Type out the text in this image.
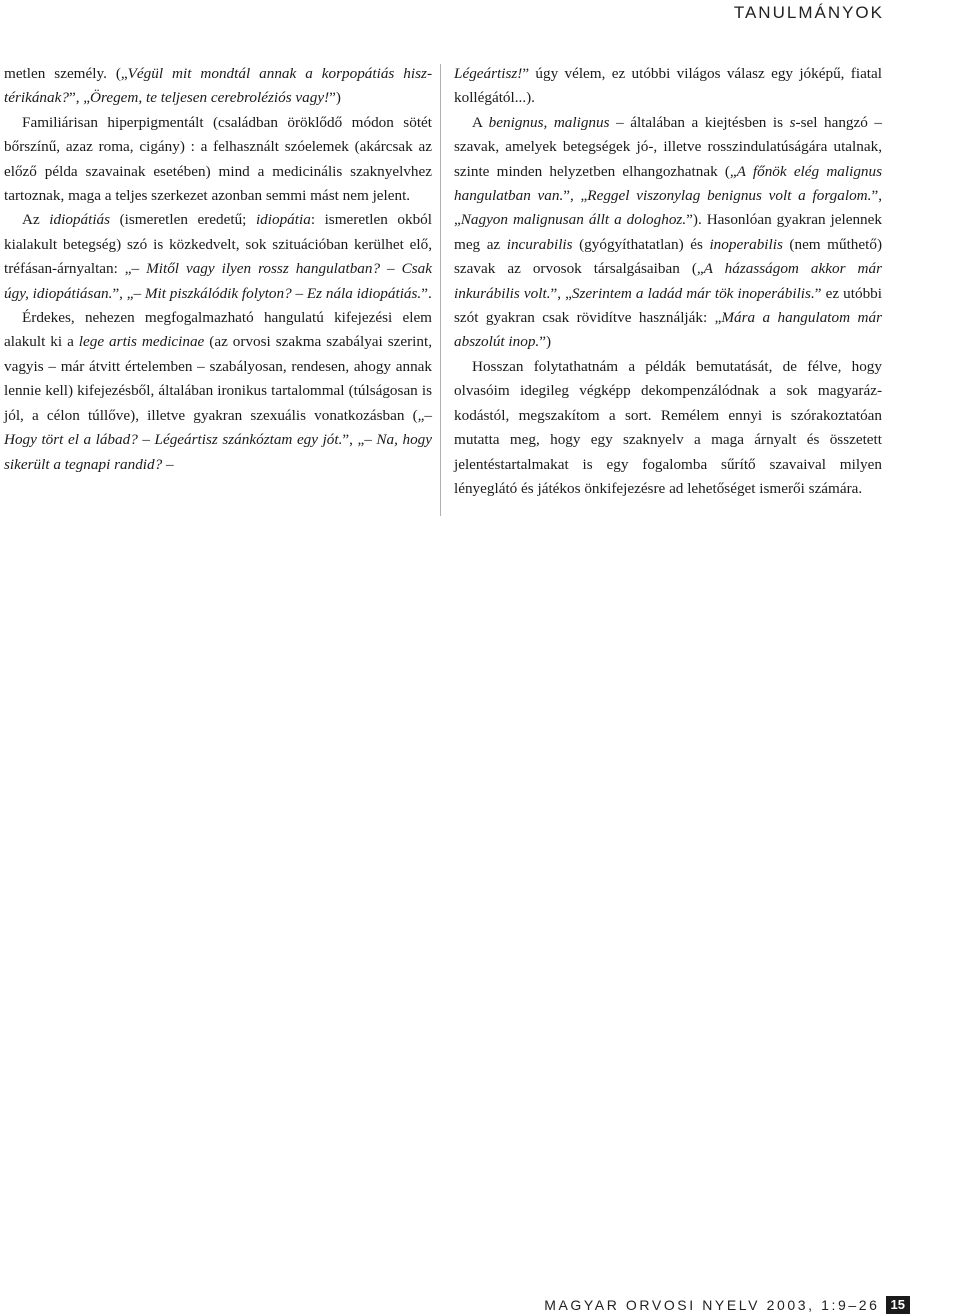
TANULMÁNYOK

metlen személy. („Végül mit mondtál annak a korpopátiás hisztérikának?”, „Öregem, te teljesen cerebroléziós vagy!”)

Familiárisan hiperpigmentált (családban öröklődő módon sötét bőrszínű, azaz roma, cigány) : a felhasznált szóelemek (akárcsak az előző példa szavainak esetében) mind a medicinális szaknyelvhez tartoznak, maga a teljes szerkezet azonban semmi mást nem jelent.

Az idiopátiás (ismeretlen eredetű; idiopátia: ismeretlen okból kialakult betegség) szó is közkedvelt, sok szituációban kerülhet elő, tréfásan-árnyaltan: „– Mitől vagy ilyen rossz hangulatban? – Csak úgy, idiopátiásan.”, „– Mit piszkálódik folyton? – Ez nála idiopátiás.”.

Érdekes, nehezen megfogalmazható hangulatú kifejezési elem alakult ki a lege artis medicinae (az orvosi szakma szabályai szerint, vagyis – már átvitt értelemben – szabályosan, rendesen, ahogy annak lennie kell) kifejezésből, általában ironikus tartalommal (túlságosan is jól, a célon túllőve), illetve gyakran szexuális vonatkozásban („– Hogy tört el a lábad? – Légeártisz szánkóztam egy jót.”, „– Na, hogy sikerült a tegnapi randid? –

Légeártisz!” úgy vélem, ez utóbbi világos válasz egy jóképű, fiatal kollégától...).

A benignus, malignus – általában a kiejtésben is s-sel hangzó – szavak, amelyek betegségek jó-, illetve rosszindulatúságára utalnak, szinte minden helyzetben elhangozhatnak („A főnök elég malignus hangulatban van.”, „Reggel viszonylag benignus volt a forgalom.”, „Nagyon malignusan állt a dologhoz.”). Hasonlóan gyakran jelennek meg az incurabilis (gyógyíthatatlan) és inoperabilis (nem műthető) szavak az orvosok társalgásaiban („A házasságom akkor már inkurábilis volt.”, „Szerintem a ladád már tök inoperábilis.” ez utóbbi szót gyakran csak rövidítve használják: „Mára a hangulatom már abszolút inop.”)

Hosszan folytathatnám a példák bemutatását, de félve, hogy olvasóim idegileg végképp dekompenzálódnak a sok magyarázkodástól, megszakítom a sort. Remélem ennyi is szórakoztatóan mutatta meg, hogy egy szaknyelv a maga árnyalt és összetett jelentéstartalmakat is egy fogalomba sűrítő szavaival milyen lényeglátó és játékos önkifejezésre ad lehetőséget ismerői számára.

MAGYAR ORVOSI NYELV 2003, 1:9–26 15
